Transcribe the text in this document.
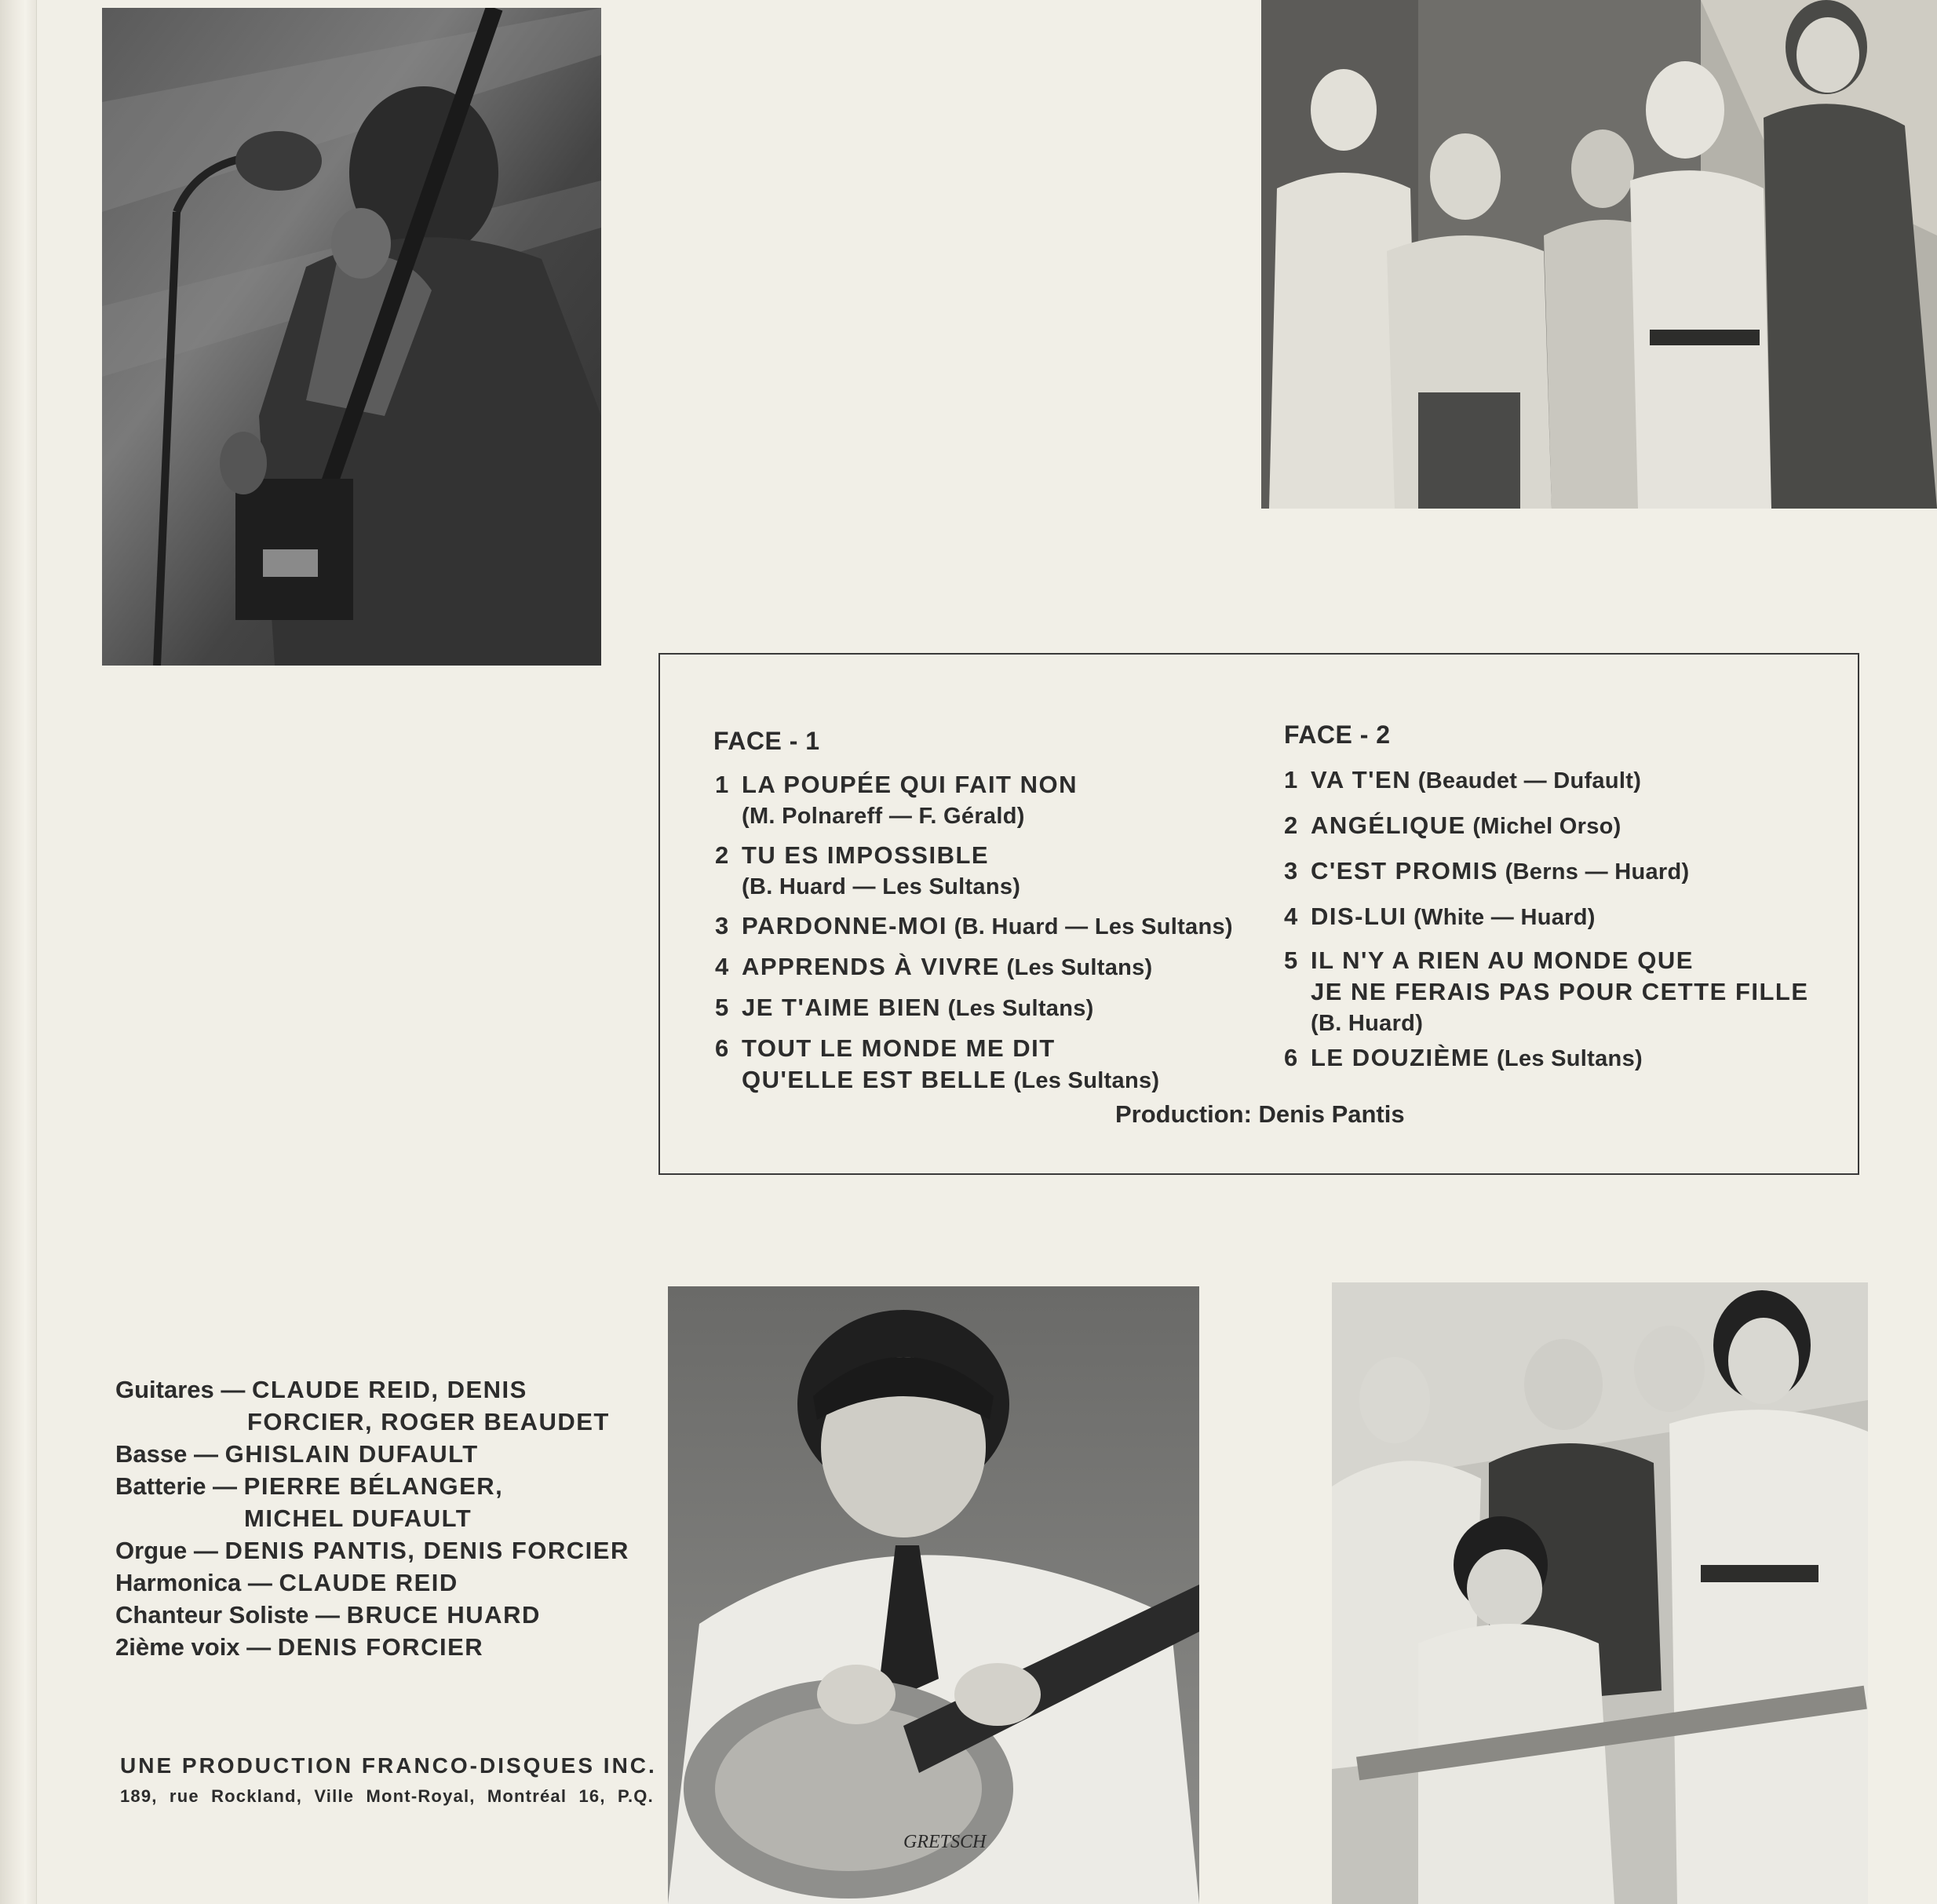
FACE - 1
1 LA POUPÉE QUI FAIT NON
(M. Polnareff — F. Gérald)
2 TU ES IMPOSSIBLE
(B. Huard — Les Sultans)
3 PARDONNE-MOI (B. Huard — Les Sultans)
4 APPRENDS À VIVRE (Les Sultans)
5 JE T'AIME BIEN (Les Sultans)
6 TOUT LE MONDE ME DIT
QU'ELLE EST BELLE (Les Sultans)
FACE - 2
1 VA T'EN (Beaudet — Dufault)
2 ANGÉLIQUE (Michel Orso)
3 C'EST PROMIS (Berns — Huard)
4 DIS-LUI (White — Huard)
5 IL N'Y A RIEN AU MONDE QUE
JE NE FERAIS PAS POUR CETTE FILLE
(B. Huard)
6 LE DOUZIÈME (Les Sultans)
Production: Denis Pantis
Guitares — CLAUDE REID, DENIS
FORCIER, ROGER BEAUDET
Basse — GHISLAIN DUFAULT
Batterie — PIERRE BÉLANGER,
MICHEL DUFAULT
Orgue — DENIS PANTIS, DENIS FORCIER
Harmonica — CLAUDE REID
Chanteur Soliste — BRUCE HUARD
2ième voix — DENIS FORCIER
UNE PRODUCTION FRANCO-DISQUES INC.
189, rue Rockland, Ville Mont-Royal, Montréal 16, P.Q.
GRETSCH
